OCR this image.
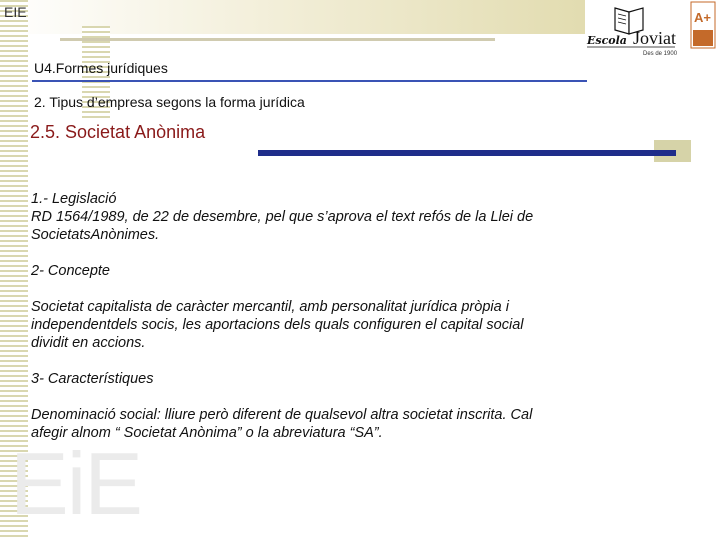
EIE
Escola Joviat
Des de 1900
A+
U4.Formes jurídiques
2. Tipus d’empresa segons la forma jurídica
2.5. Societat Anònima

1.- Legislació

RD 1564/1989, de 22 de desembre, pel que s’aprova el text refós de la Llei de

SocietatsAnònimes.

2- Concepte

Societat capitalista de caràcter mercantil, amb personalitat jurídica pròpia i

independentdels socis, les aportacions dels quals configuren el capital social

dividit en accions.

3- Característiques

Denominació social: lliure però diferent de qualsevol altra societat inscrita. Cal

afegir alnom “ Societat Anònima” o la abreviatura “SA”.

EiE
